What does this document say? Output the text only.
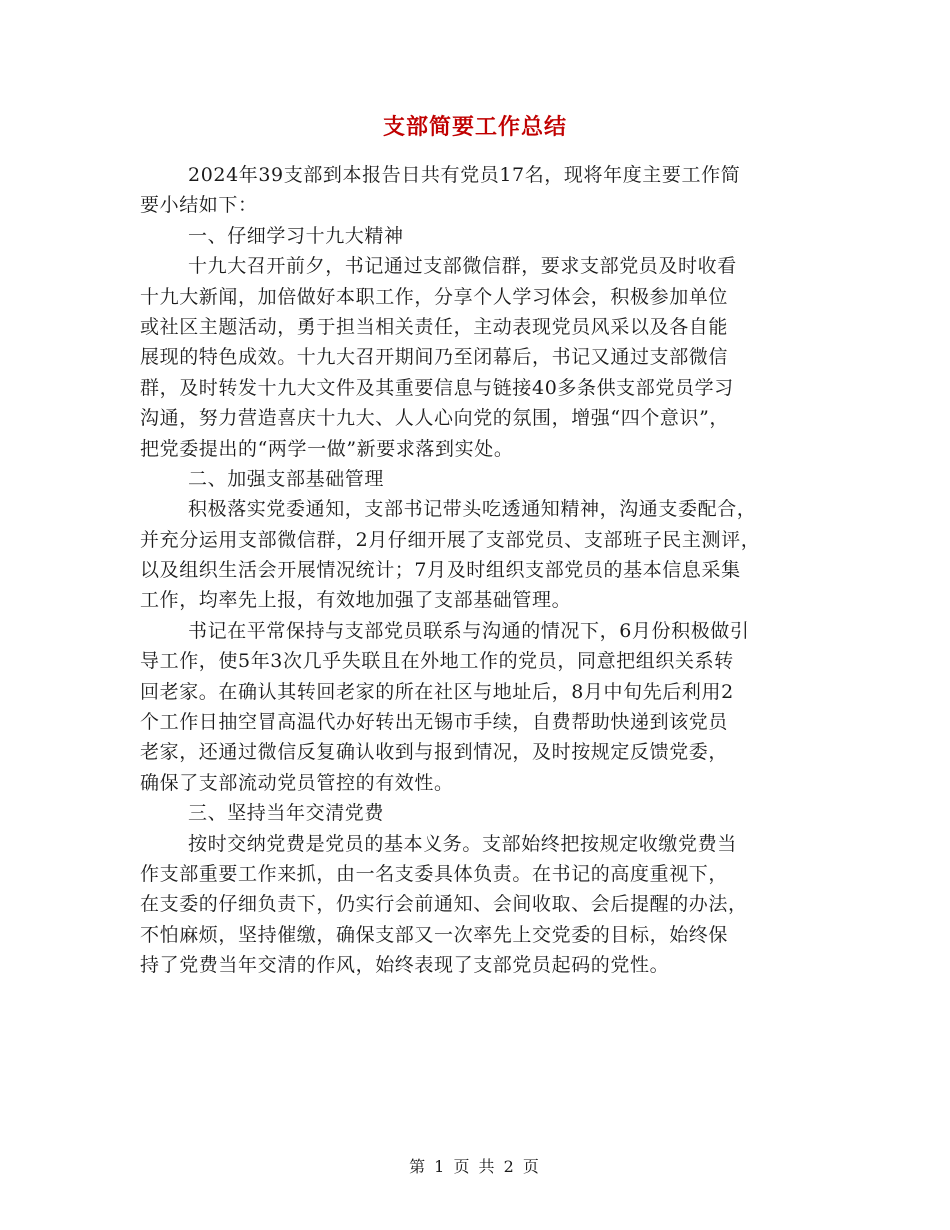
支部简要工作总结
2024年39支部到本报告日共有党员17名，现将年度主要工作简
要小结如下：
一、仔细学习十九大精神
十九大召开前夕，书记通过支部微信群，要求支部党员及时收看
十九大新闻，加倍做好本职工作，分享个人学习体会，积极参加单位
或社区主题活动，勇于担当相关责任，主动表现党员风采以及各自能
展现的特色成效。十九大召开期间乃至闭幕后，书记又通过支部微信
群，及时转发十九大文件及其重要信息与链接40多条供支部党员学习
沟通，努力营造喜庆十九大、人人心向党的氛围，增强“四个意识”，
把党委提出的“两学一做”新要求落到实处。
二、加强支部基础管理
积极落实党委通知，支部书记带头吃透通知精神，沟通支委配合，
并充分运用支部微信群，2月仔细开展了支部党员、支部班子民主测评，
以及组织生活会开展情况统计；7月及时组织支部党员的基本信息采集
工作，均率先上报，有效地加强了支部基础管理。
书记在平常保持与支部党员联系与沟通的情况下，6月份积极做引
导工作，使5年3次几乎失联且在外地工作的党员，同意把组织关系转
回老家。在确认其转回老家的所在社区与地址后，8月中旬先后利用2
个工作日抽空冒高温代办好转出无锡市手续，自费帮助快递到该党员
老家，还通过微信反复确认收到与报到情况，及时按规定反馈党委，
确保了支部流动党员管控的有效性。
三、坚持当年交清党费
按时交纳党费是党员的基本义务。支部始终把按规定收缴党费当
作支部重要工作来抓，由一名支委具体负责。在书记的高度重视下，
在支委的仔细负责下，仍实行会前通知、会间收取、会后提醒的办法，
不怕麻烦，坚持催缴，确保支部又一次率先上交党委的目标，始终保
持了党费当年交清的作风，始终表现了支部党员起码的党性。
第 1 页 共 2 页
